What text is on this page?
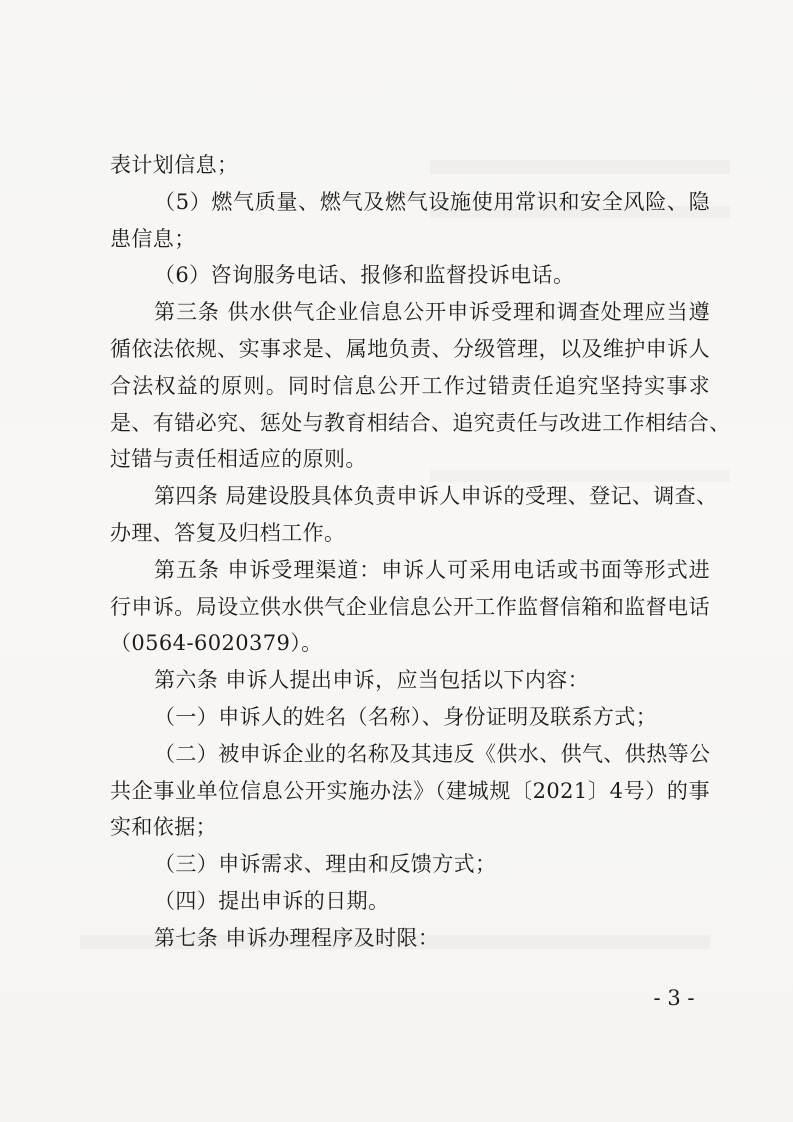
表计划信息；
（5）燃气质量、燃气及燃气设施使用常识和安全风险、隐
患信息；
（6）咨询服务电话、报修和监督投诉电话。
第三条 供水供气企业信息公开申诉受理和调查处理应当遵
循依法依规、实事求是、属地负责、分级管理，以及维护申诉人
合法权益的原则。同时信息公开工作过错责任追究坚持实事求
是、有错必究、惩处与教育相结合、追究责任与改进工作相结合、
过错与责任相适应的原则。
第四条 局建设股具体负责申诉人申诉的受理、登记、调查、
办理、答复及归档工作。
第五条 申诉受理渠道：申诉人可采用电话或书面等形式进
行申诉。局设立供水供气企业信息公开工作监督信箱和监督电话
（0564-6020379）。
第六条 申诉人提出申诉，应当包括以下内容：
（一）申诉人的姓名（名称）、身份证明及联系方式；
（二）被申诉企业的名称及其违反《供水、供气、供热等公
共企事业单位信息公开实施办法》（建城规〔2021〕4号）的事
实和依据；
（三）申诉需求、理由和反馈方式；
（四）提出申诉的日期。
第七条 申诉办理程序及时限：
- 3 -
